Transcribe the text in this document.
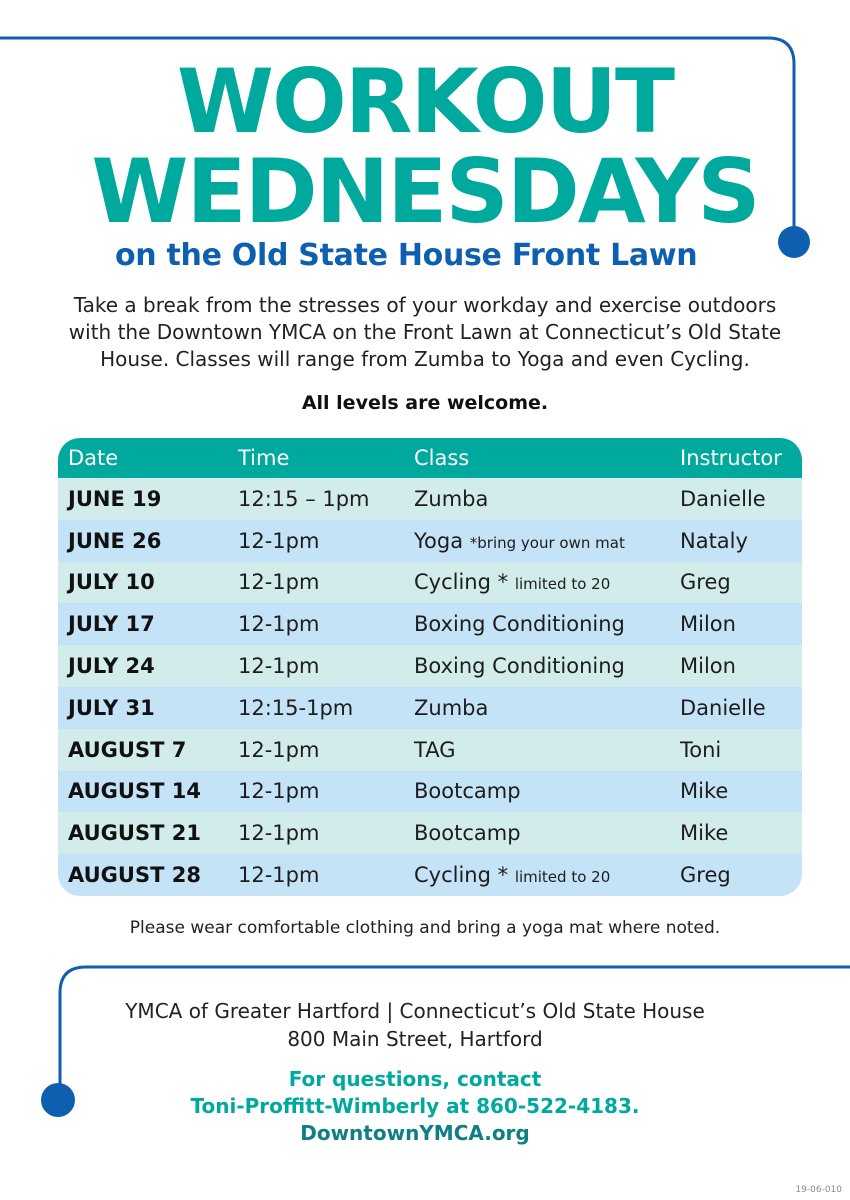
WORKOUT
WEDNESDAYS
on the Old State House Front Lawn

Take a break from the stresses of your workday and exercise outdoors
with the Downtown YMCA on the Front Lawn at Connecticut’s Old State
House. Classes will range from Zumba to Yoga and even Cycling.

All levels are welcome.

Date	Time	Class	Instructor
JUNE 19	12:15 – 1pm	Zumba	Danielle
JUNE 26	12-1pm	Yoga *bring your own mat	Nataly
JULY 10	12-1pm	Cycling * limited to 20	Greg
JULY 17	12-1pm	Boxing Conditioning	Milon
JULY 24	12-1pm	Boxing Conditioning	Milon
JULY 31	12:15-1pm	Zumba	Danielle
AUGUST 7	12-1pm	TAG	Toni
AUGUST 14	12-1pm	Bootcamp	Mike
AUGUST 21	12-1pm	Bootcamp	Mike
AUGUST 28	12-1pm	Cycling * limited to 20	Greg

Please wear comfortable clothing and bring a yoga mat where noted.

YMCA of Greater Hartford | Connecticut’s Old State House
800 Main Street, Hartford

For questions, contact
Toni-Proffitt-Wimberly at 860-522-4183.
DowntownYMCA.org

19-06-010
